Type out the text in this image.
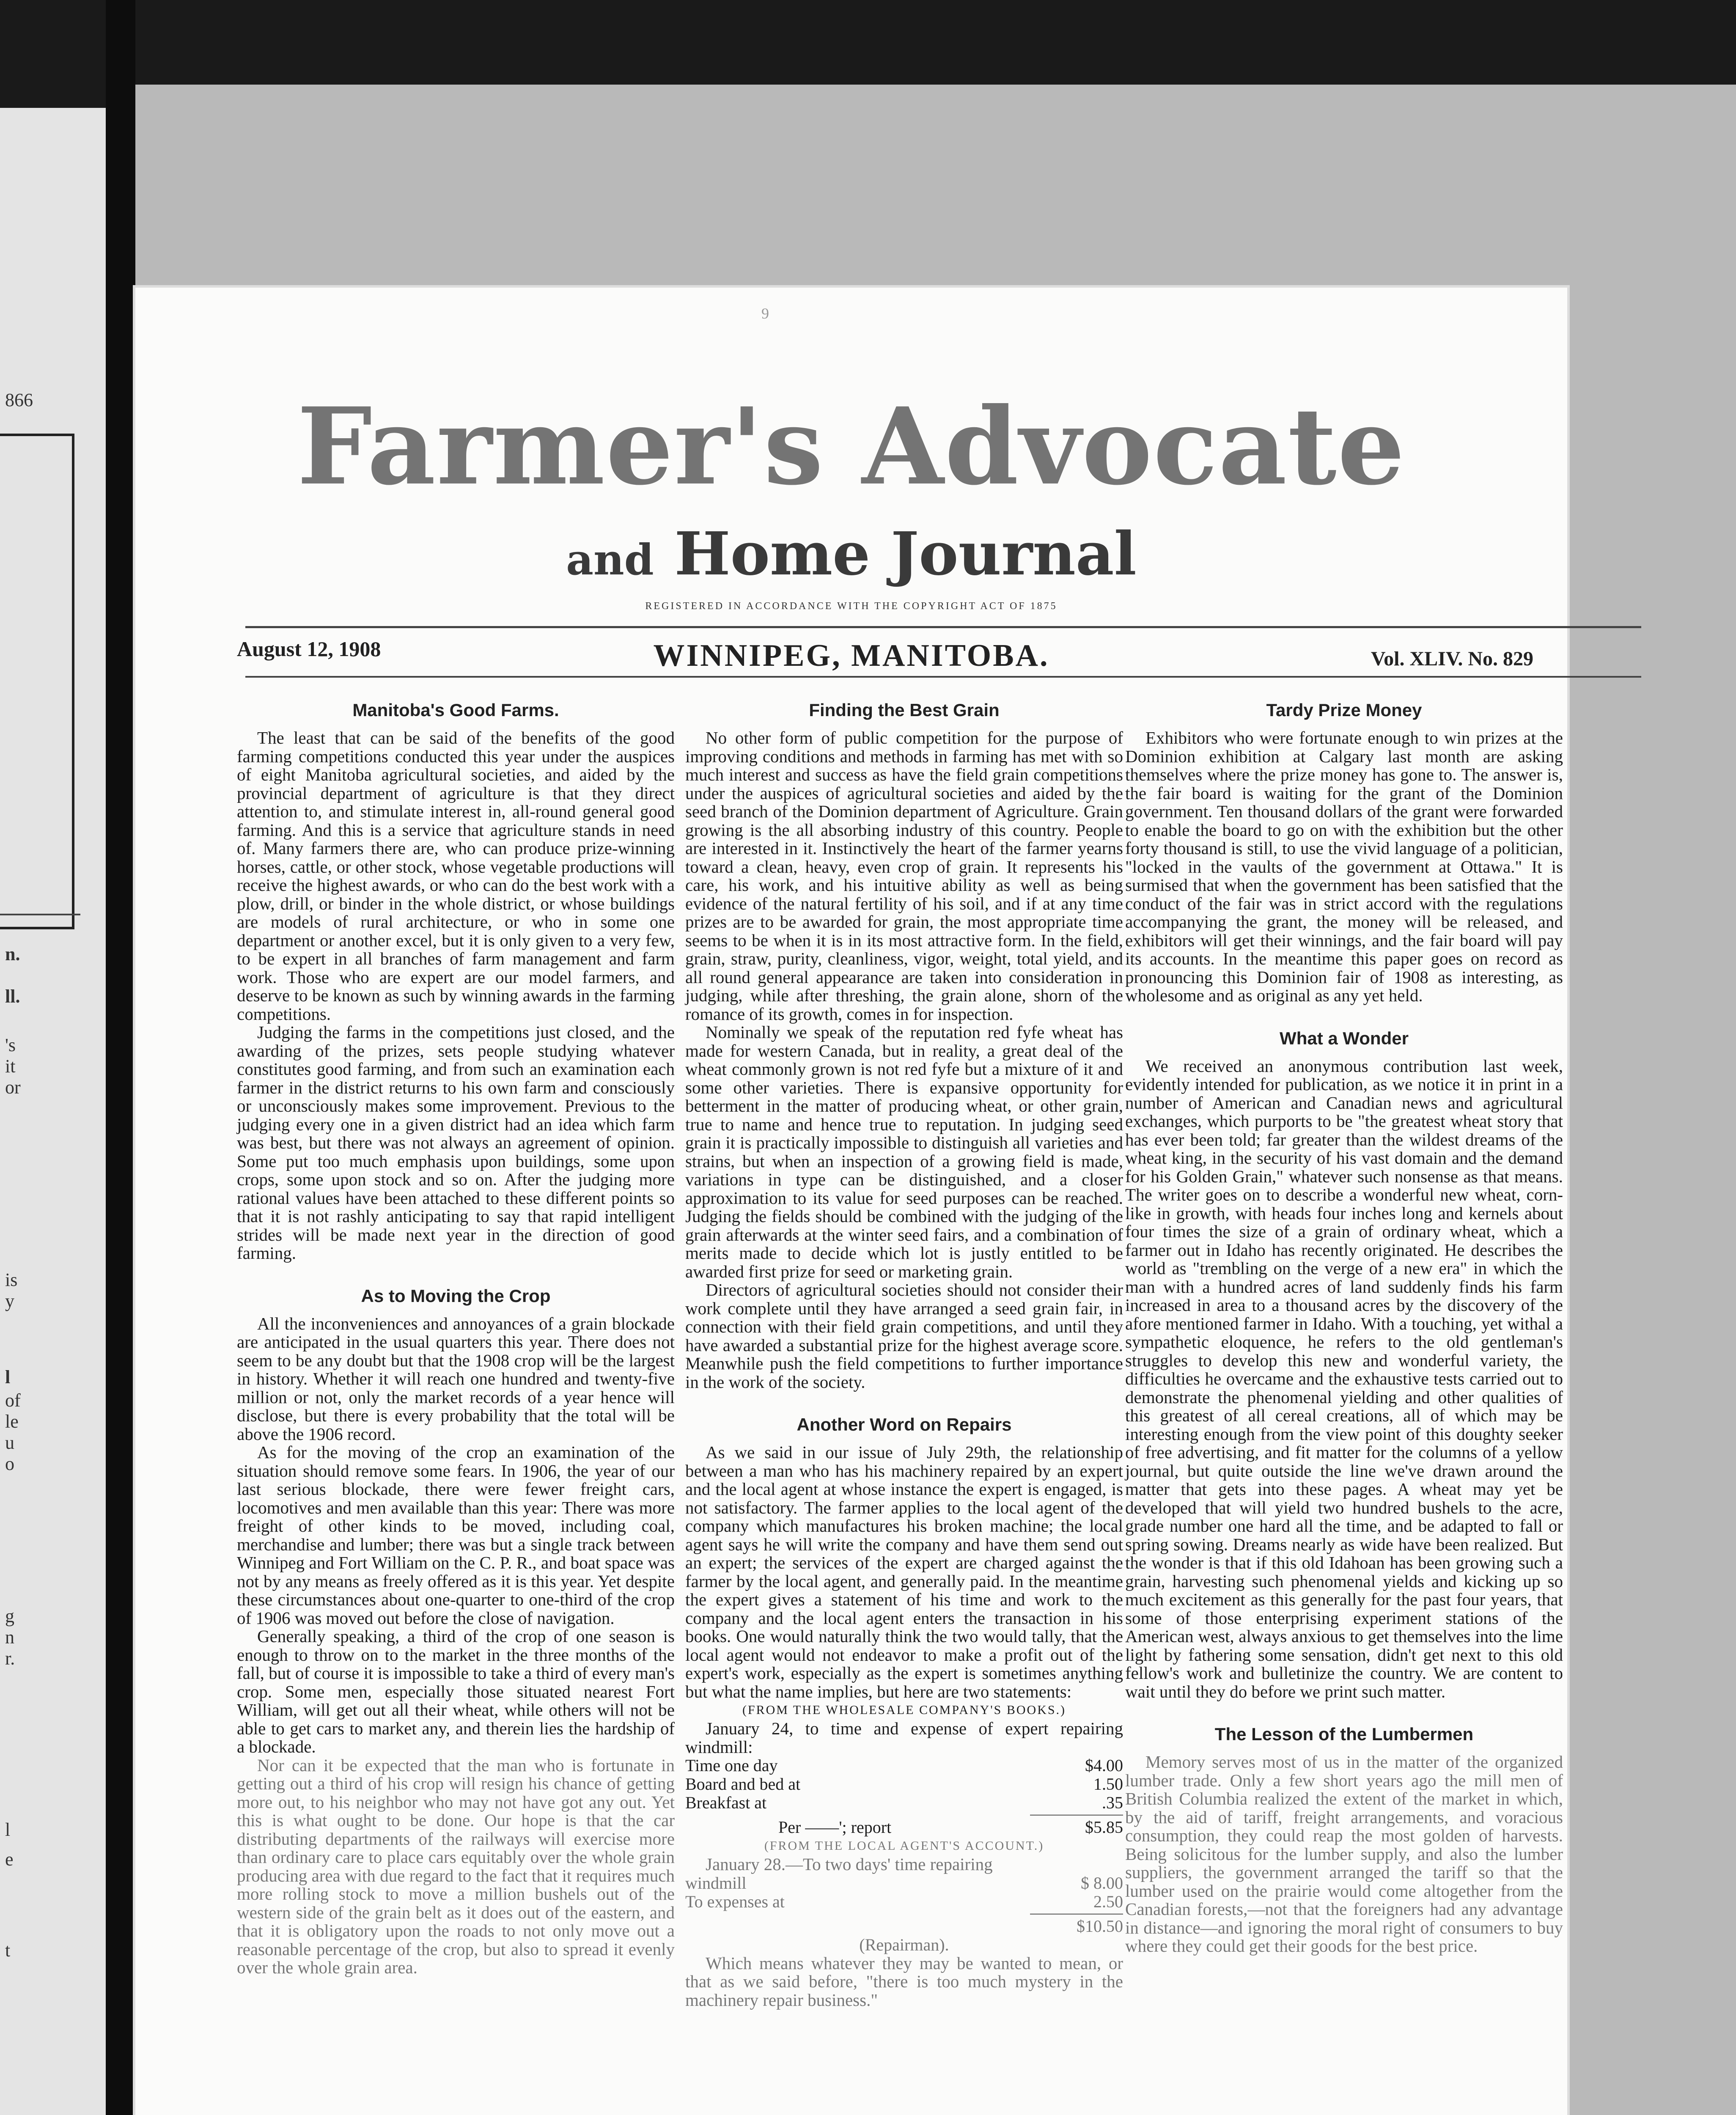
866
n.
ll.
's
it
or
is
y
l
of
le
u
o
g
n
r.
l
e
t
9
Farmer's Advocate
and Home Journal
REGISTERED IN ACCORDANCE WITH THE COPYRIGHT ACT OF 1875
August 12, 1908	WINNIPEG, MANITOBA.	Vol. XLIV. No. 829
Manitoba's Good Farms.

The least that can be said of the benefits of the good farming competitions conducted this year under the auspices of eight Manitoba agricultural societies, and aided by the provincial department of agriculture is that they direct attention to, and stimulate interest in, all-round general good farming. And this is a service that agriculture stands in need of. Many farmers there are, who can produce prize-winning horses, cattle, or other stock, whose vegetable productions will receive the highest awards, or who can do the best work with a plow, drill, or binder in the whole district, or whose buildings are models of rural architecture, or who in some one department or another excel, but it is only given to a very few, to be expert in all branches of farm management and farm work. Those who are expert are our model farmers, and deserve to be known as such by winning awards in the farming competitions.

Judging the farms in the competitions just closed, and the awarding of the prizes, sets people studying whatever constitutes good farming, and from such an examination each farmer in the district returns to his own farm and consciously or unconsciously makes some improvement. Previous to the judging every one in a given district had an idea which farm was best, but there was not always an agreement of opinion. Some put too much emphasis upon buildings, some upon crops, some upon stock and so on. After the judging more rational values have been attached to these different points so that it is not rashly anticipating to say that rapid intelligent strides will be made next year in the direction of good farming.

As to Moving the Crop

All the inconveniences and annoyances of a grain blockade are anticipated in the usual quarters this year. There does not seem to be any doubt but that the 1908 crop will be the largest in history. Whether it will reach one hundred and twenty-five million or not, only the market records of a year hence will disclose, but there is every probability that the total will be above the 1906 record.

As for the moving of the crop an examination of the situation should remove some fears. In 1906, the year of our last serious blockade, there were fewer freight cars, locomotives and men available than this year: There was more freight of other kinds to be moved, including coal, merchandise and lumber; there was but a single track between Winnipeg and Fort William on the C. P. R., and boat space was not by any means as freely offered as it is this year. Yet despite these circumstances about one-quarter to one-third of the crop of 1906 was moved out before the close of navigation.

Generally speaking, a third of the crop of one season is enough to throw on to the market in the three months of the fall, but of course it is impossible to take a third of every man's crop. Some men, especially those situated nearest Fort William, will get out all their wheat, while others will not be able to get cars to market any, and therein lies the hardship of a blockade.

Nor can it be expected that the man who is fortunate in getting out a third of his crop will resign his chance of getting more out, to his neighbor who may not have got any out. Yet this is what ought to be done. Our hope is that the car distributing departments of the railways will exercise more than ordinary care to place cars equitably over the whole grain producing area with due regard to the fact that it requires much more rolling stock to move a million bushels out of the western side of the grain belt as it does out of the eastern, and that it is obligatory upon the roads to not only move out a reasonable percentage of the crop, but also to spread it evenly over the whole grain area.

Finding the Best Grain

No other form of public competition for the purpose of improving conditions and methods in farming has met with so much interest and success as have the field grain competitions under the auspices of agricultural societies and aided by the seed branch of the Dominion department of Agriculture. Grain growing is the all absorbing industry of this country. People are interested in it. Instinctively the heart of the farmer yearns toward a clean, heavy, even crop of grain. It represents his care, his work, and his intuitive ability as well as being evidence of the natural fertility of his soil, and if at any time prizes are to be awarded for grain, the most appropriate time seems to be when it is in its most attractive form. In the field, grain, straw, purity, cleanliness, vigor, weight, total yield, and all round general appearance are taken into consideration in judging, while after threshing, the grain alone, shorn of the romance of its growth, comes in for inspection.

Nominally we speak of the reputation red fyfe wheat has made for western Canada, but in reality, a great deal of the wheat commonly grown is not red fyfe but a mixture of it and some other varieties. There is expansive opportunity for betterment in the matter of producing wheat, or other grain, true to name and hence true to reputation. In judging seed grain it is practically impossible to distinguish all varieties and strains, but when an inspection of a growing field is made, variations in type can be distinguished, and a closer approximation to its value for seed purposes can be reached. Judging the fields should be combined with the judging of the grain afterwards at the winter seed fairs, and a combination of merits made to decide which lot is justly entitled to be awarded first prize for seed or marketing grain.

Directors of agricultural societies should not consider their work complete until they have arranged a seed grain fair, in connection with their field grain competitions, and until they have awarded a substantial prize for the highest average score. Meanwhile push the field competitions to further importance in the work of the society.

Another Word on Repairs

As we said in our issue of July 29th, the relationship between a man who has his machinery repaired by an expert and the local agent at whose instance the expert is engaged, is not satisfactory. The farmer applies to the local agent of the company which manufactures his broken machine; the local agent says he will write the company and have them send out an expert; the services of the expert are charged against the farmer by the local agent, and generally paid. In the meantime the expert gives a statement of his time and work to the company and the local agent enters the transaction in his books. One would naturally think the two would tally, that the local agent would not endeavor to make a profit out of the expert's work, especially as the expert is sometimes anything but what the name implies, but here are two statements:

(FROM THE WHOLESALE COMPANY'S BOOKS.)

January 24, to time and expense of expert repairing windmill:

Time one day	$4.00
Board and bed at	1.50
Breakfast at	.35
Per ——'; report	$5.85
(FROM THE LOCAL AGENT'S ACCOUNT.)

January 28.—To two days' time repairing

windmill	$ 8.00
To expenses at	2.50
$10.50
(Repairman).

Which means whatever they may be wanted to mean, or that as we said before, "there is too much mystery in the machinery repair business."

Tardy Prize Money

Exhibitors who were fortunate enough to win prizes at the Dominion exhibition at Calgary last month are asking themselves where the prize money has gone to. The answer is, the fair board is waiting for the grant of the Dominion government. Ten thousand dollars of the grant were forwarded to enable the board to go on with the exhibition but the other forty thousand is still, to use the vivid language of a politician, "locked in the vaults of the government at Ottawa." It is surmised that when the government has been satisfied that the conduct of the fair was in strict accord with the regulations accompanying the grant, the money will be released, and exhibitors will get their winnings, and the fair board will pay its accounts. In the meantime this paper goes on record as pronouncing this Dominion fair of 1908 as interesting, as wholesome and as original as any yet held.

What a Wonder

We received an anonymous contribution last week, evidently intended for publication, as we notice it in print in a number of American and Canadian news and agricultural exchanges, which purports to be "the greatest wheat story that has ever been told; far greater than the wildest dreams of the wheat king, in the security of his vast domain and the demand for his Golden Grain," whatever such nonsense as that means. The writer goes on to describe a wonderful new wheat, corn-like in growth, with heads four inches long and kernels about four times the size of a grain of ordinary wheat, which a farmer out in Idaho has recently originated. He describes the world as "trembling on the verge of a new era" in which the man with a hundred acres of land suddenly finds his farm increased in area to a thousand acres by the discovery of the afore mentioned farmer in Idaho. With a touching, yet withal a sympathetic eloquence, he refers to the old gentleman's struggles to develop this new and wonderful variety, the difficulties he overcame and the exhaustive tests carried out to demonstrate the phenomenal yielding and other qualities of this greatest of all cereal creations, all of which may be interesting enough from the view point of this doughty seeker of free advertising, and fit matter for the columns of a yellow journal, but quite outside the line we've drawn around the matter that gets into these pages. A wheat may yet be developed that will yield two hundred bushels to the acre, grade number one hard all the time, and be adapted to fall or spring sowing. Dreams nearly as wide have been realized. But the wonder is that if this old Idahoan has been growing such a grain, harvesting such phenomenal yields and kicking up so much excitement as this generally for the past four years, that some of those enterprising experiment stations of the American west, always anxious to get themselves into the lime light by fathering some sensation, didn't get next to this old fellow's work and bulletinize the country. We are content to wait until they do before we print such matter.

The Lesson of the Lumbermen

Memory serves most of us in the matter of the organized lumber trade. Only a few short years ago the mill men of British Columbia realized the extent of the market in which, by the aid of tariff, freight arrangements, and voracious consumption, they could reap the most golden of harvests. Being solicitous for the lumber supply, and also the lumber suppliers, the government arranged the tariff so that the lumber used on the prairie would come altogether from the Canadian forests,—not that the foreigners had any advantage in distance—and ignoring the moral right of consumers to buy where they could get their goods for the best price.
